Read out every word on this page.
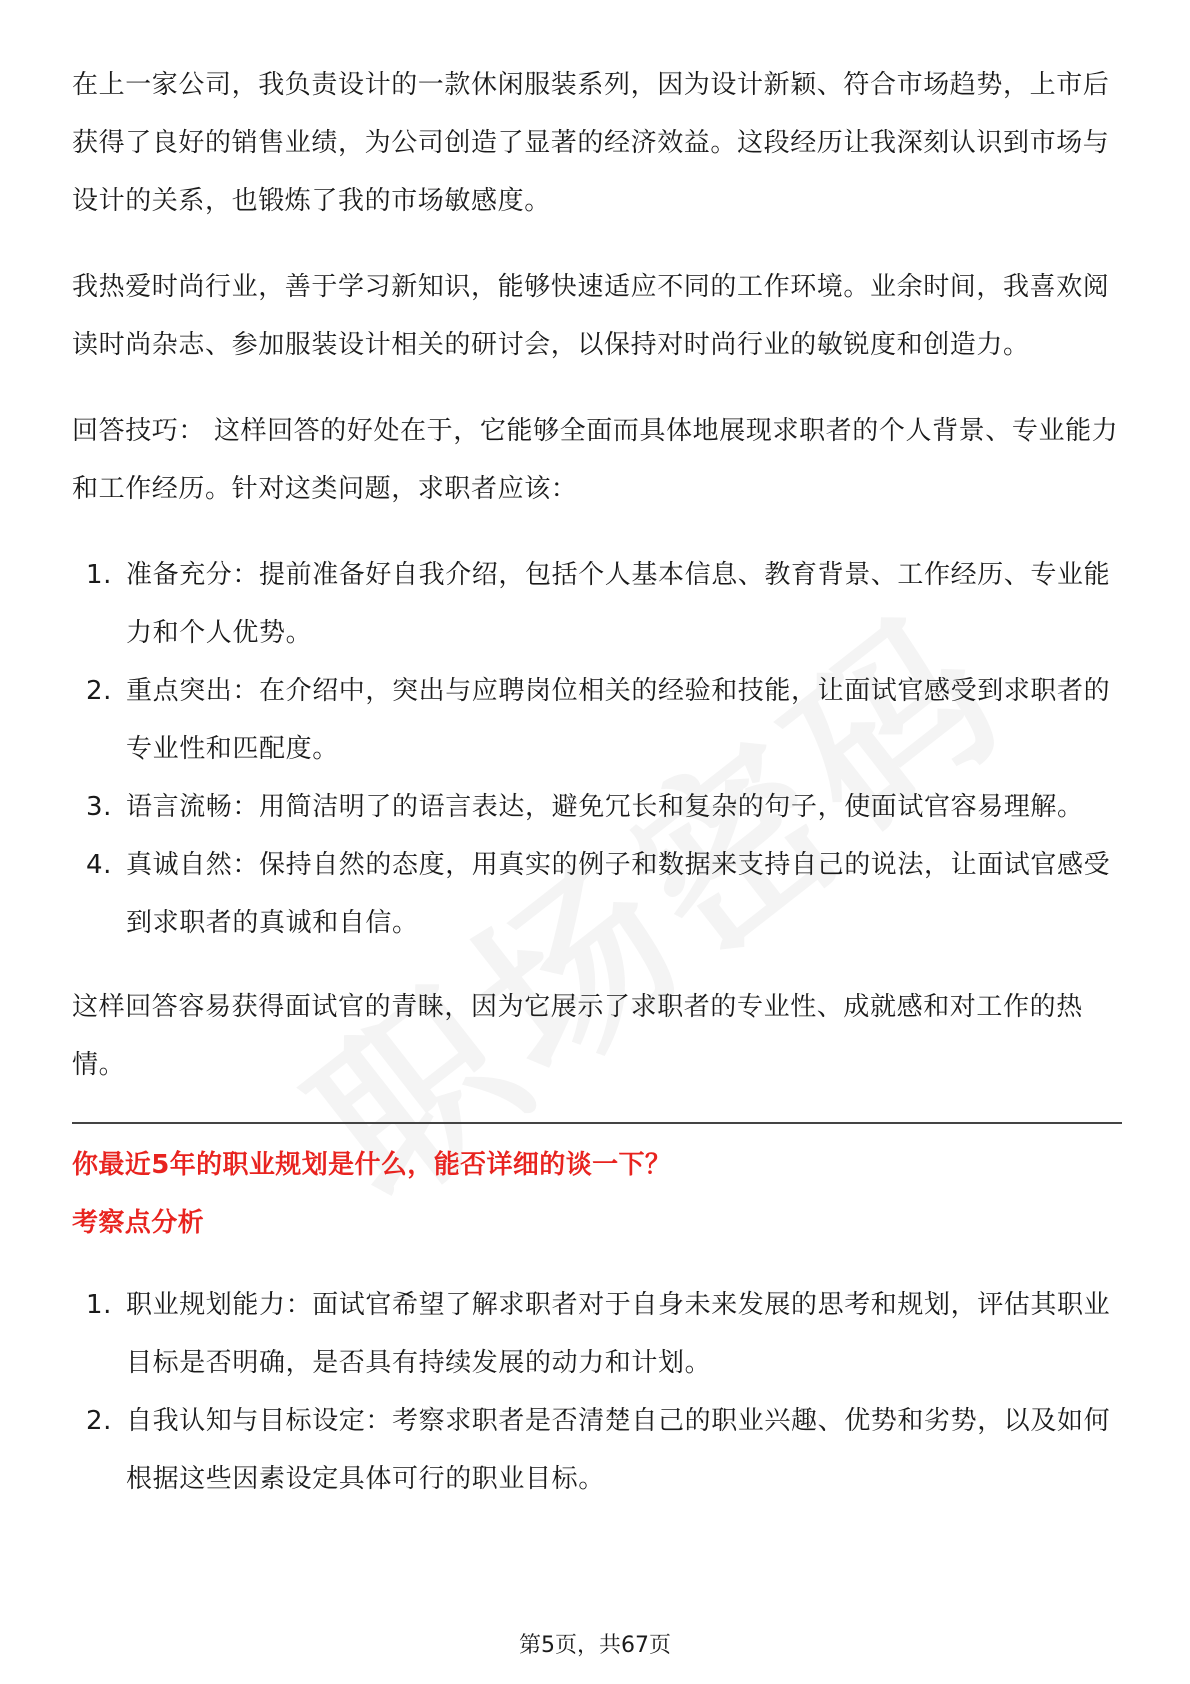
在上一家公司，我负责设计的一款休闲服装系列，因为设计新颖、符合市场趋势，上市后获得了良好的销售业绩，为公司创造了显著的经济效益。这段经历让我深刻认识到市场与设计的关系，也锻炼了我的市场敏感度。

我热爱时尚行业，善于学习新知识，能够快速适应不同的工作环境。业余时间，我喜欢阅读时尚杂志、参加服装设计相关的研讨会，以保持对时尚行业的敏锐度和创造力。

回答技巧： 这样回答的好处在于，它能够全面而具体地展现求职者的个人背景、专业能力和工作经历。针对这类问题，求职者应该：

1. 准备充分：提前准备好自我介绍，包括个人基本信息、教育背景、工作经历、专业能力和个人优势。
2. 重点突出：在介绍中，突出与应聘岗位相关的经验和技能，让面试官感受到求职者的专业性和匹配度。
3. 语言流畅：用简洁明了的语言表达，避免冗长和复杂的句子，使面试官容易理解。
4. 真诚自然：保持自然的态度，用真实的例子和数据来支持自己的说法，让面试官感受到求职者的真诚和自信。

这样回答容易获得面试官的青睐，因为它展示了求职者的专业性、成就感和对工作的热情。

你最近5年的职业规划是什么，能否详细的谈一下？

考察点分析

1. 职业规划能力：面试官希望了解求职者对于自身未来发展的思考和规划，评估其职业目标是否明确，是否具有持续发展的动力和计划。
2. 自我认知与目标设定：考察求职者是否清楚自己的职业兴趣、优势和劣势，以及如何根据这些因素设定具体可行的职业目标。
第5页，共67页
